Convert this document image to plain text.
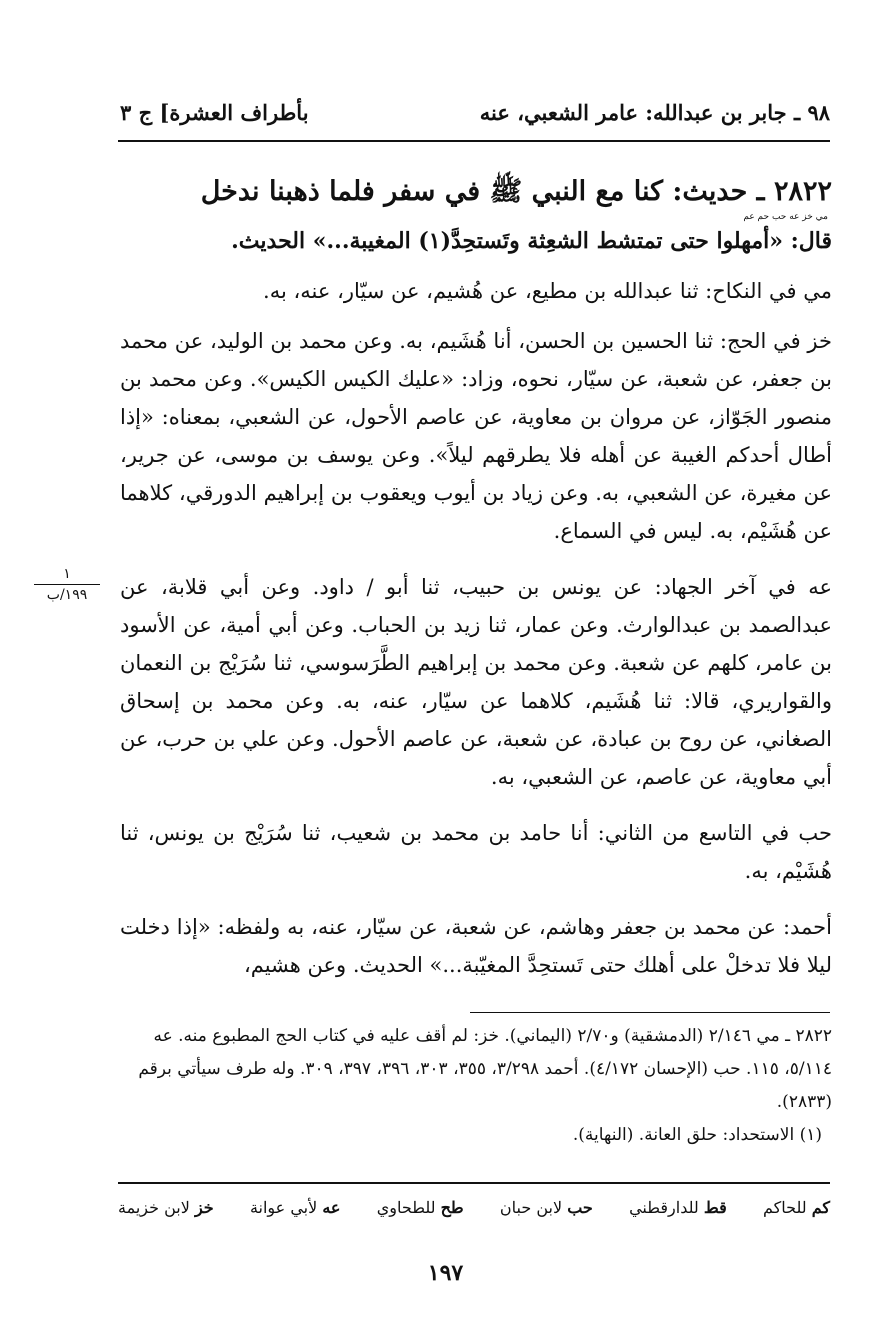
بأطراف العشرة] ج ٣	٩٨ ـ جابر بن عبدالله: عامر الشعبي، عنه

٢٨٢٢ ـ حديث: كنا مع النبي ﷺ في سفر فلما ذهبنا ندخل

مي خز عه حب حم عم

قال: «أمهلوا حتى تمتشط الشعِثة وتَستحِدَّ(١) المغيبة...» الحديث.

مي في النكاح: ثنا عبدالله بن مطيع، عن هُشيم، عن سيّار، عنه، به.

خز في الحج: ثنا الحسين بن الحسن، أنا هُشَيم، به. وعن محمد بن الوليد، عن محمد بن جعفر، عن شعبة، عن سيّار، نحوه، وزاد: «عليك الكيس الكيس». وعن محمد بن منصور الجَوّاز، عن مروان بن معاوية، عن عاصم الأحول، عن الشعبي، بمعناه: «إذا أطال أحدكم الغيبة عن أهله فلا يطرقهم ليلاً». وعن يوسف بن موسى، عن جرير، عن مغيرة، عن الشعبي، به. وعن زياد بن أيوب ويعقوب بن إبراهيم الدورقي، كلاهما عن هُشَيْم، به. ليس في السماع.

عه في آخر الجهاد: عن يونس بن حبيب، ثنا أبو / داود. وعن أبي قلابة، عن عبدالصمد بن عبدالوارث. وعن عمار، ثنا زيد بن الحباب. وعن أبي أمية، عن الأسود بن عامر، كلهم عن شعبة. وعن محمد بن إبراهيم الطَّرَسوسي، ثنا سُرَيْج بن النعمان والقواريري، قالا: ثنا هُشَيم، كلاهما عن سيّار، عنه، به. وعن محمد بن إسحاق الصغاني، عن روح بن عبادة، عن شعبة، عن عاصم الأحول. وعن علي بن حرب، عن أبي معاوية، عن عاصم، عن الشعبي، به.

حب في التاسع من الثاني: أنا حامد بن محمد بن شعيب، ثنا سُرَيْج بن يونس، ثنا هُشَيْم، به.

أحمد: عن محمد بن جعفر وهاشم، عن شعبة، عن سيّار، عنه، به ولفظه: «إذا دخلت ليلا فلا تدخلْ على أهلك حتى تَستحِدَّ المغيّبة...» الحديث. وعن هشيم،

١
١٩٩/ب

٢٨٢٢ ـ مي ٢/١٤٦ (الدمشقية) و٢/٧٠ (اليماني). خز: لم أقف عليه في كتاب الحج المطبوع منه. عه ٥/١١٤، ١١٥. حب (الإحسان ٤/١٧٢). أحمد ٣/٢٩٨، ٣٥٥، ٣٠٣، ٣٩٦، ٣٩٧، ٣٠٩. وله طرف سيأتي برقم (٢٨٣٣).

(١) الاستحداد: حلق العانة. (النهاية).

خز لابن خزيمة	عه لأبي عوانة	طح للطحاوي	حب لابن حبان	قط للدارقطني	كم للحاكم
١٩٧
